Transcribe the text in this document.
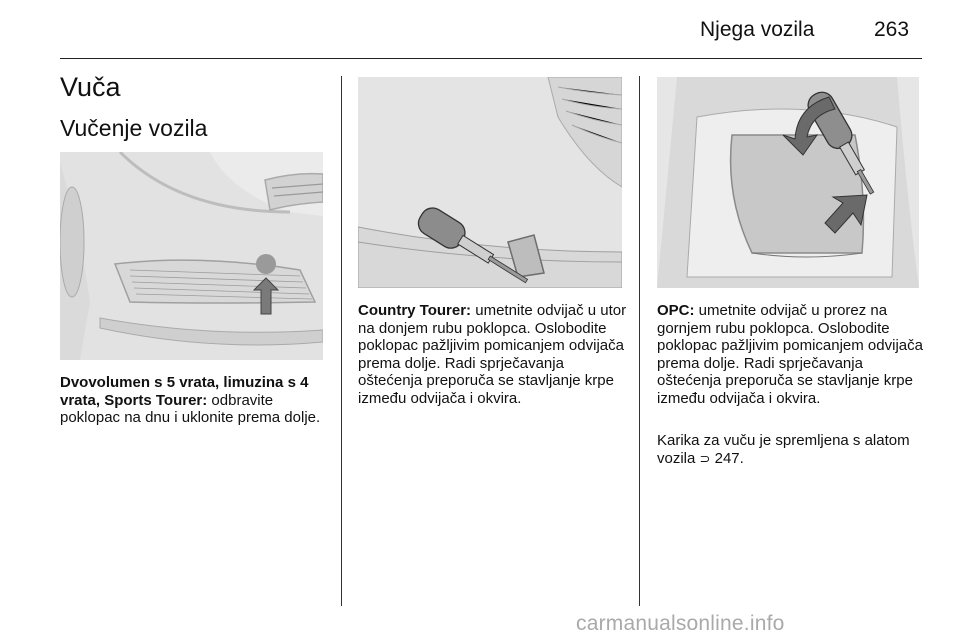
Njega vozila	263
Vuča
Vučenje vozila

Dvovolumen s 5 vrata, limuzina s 4 vrata, Sports Tourer: odbravite poklopac na dnu i uklonite prema dolje.

Country Tourer: umetnite odvijač u utor na donjem rubu poklopca. Oslobodite poklopac pažljivim pomicanjem odvijača prema dolje. Radi sprječavanja oštećenja preporuča se stavljanje krpe između odvijača i okvira.

OPC: umetnite odvijač u prorez na gornjem rubu poklopca. Oslobodite poklopac pažljivim pomicanjem odvijača prema dolje. Radi sprječavanja oštećenja preporuča se stavljanje krpe između odvijača i okvira.

Karika za vuču je spremljena s alatom vozila ⊃ 247.

carmanualsonline.info
